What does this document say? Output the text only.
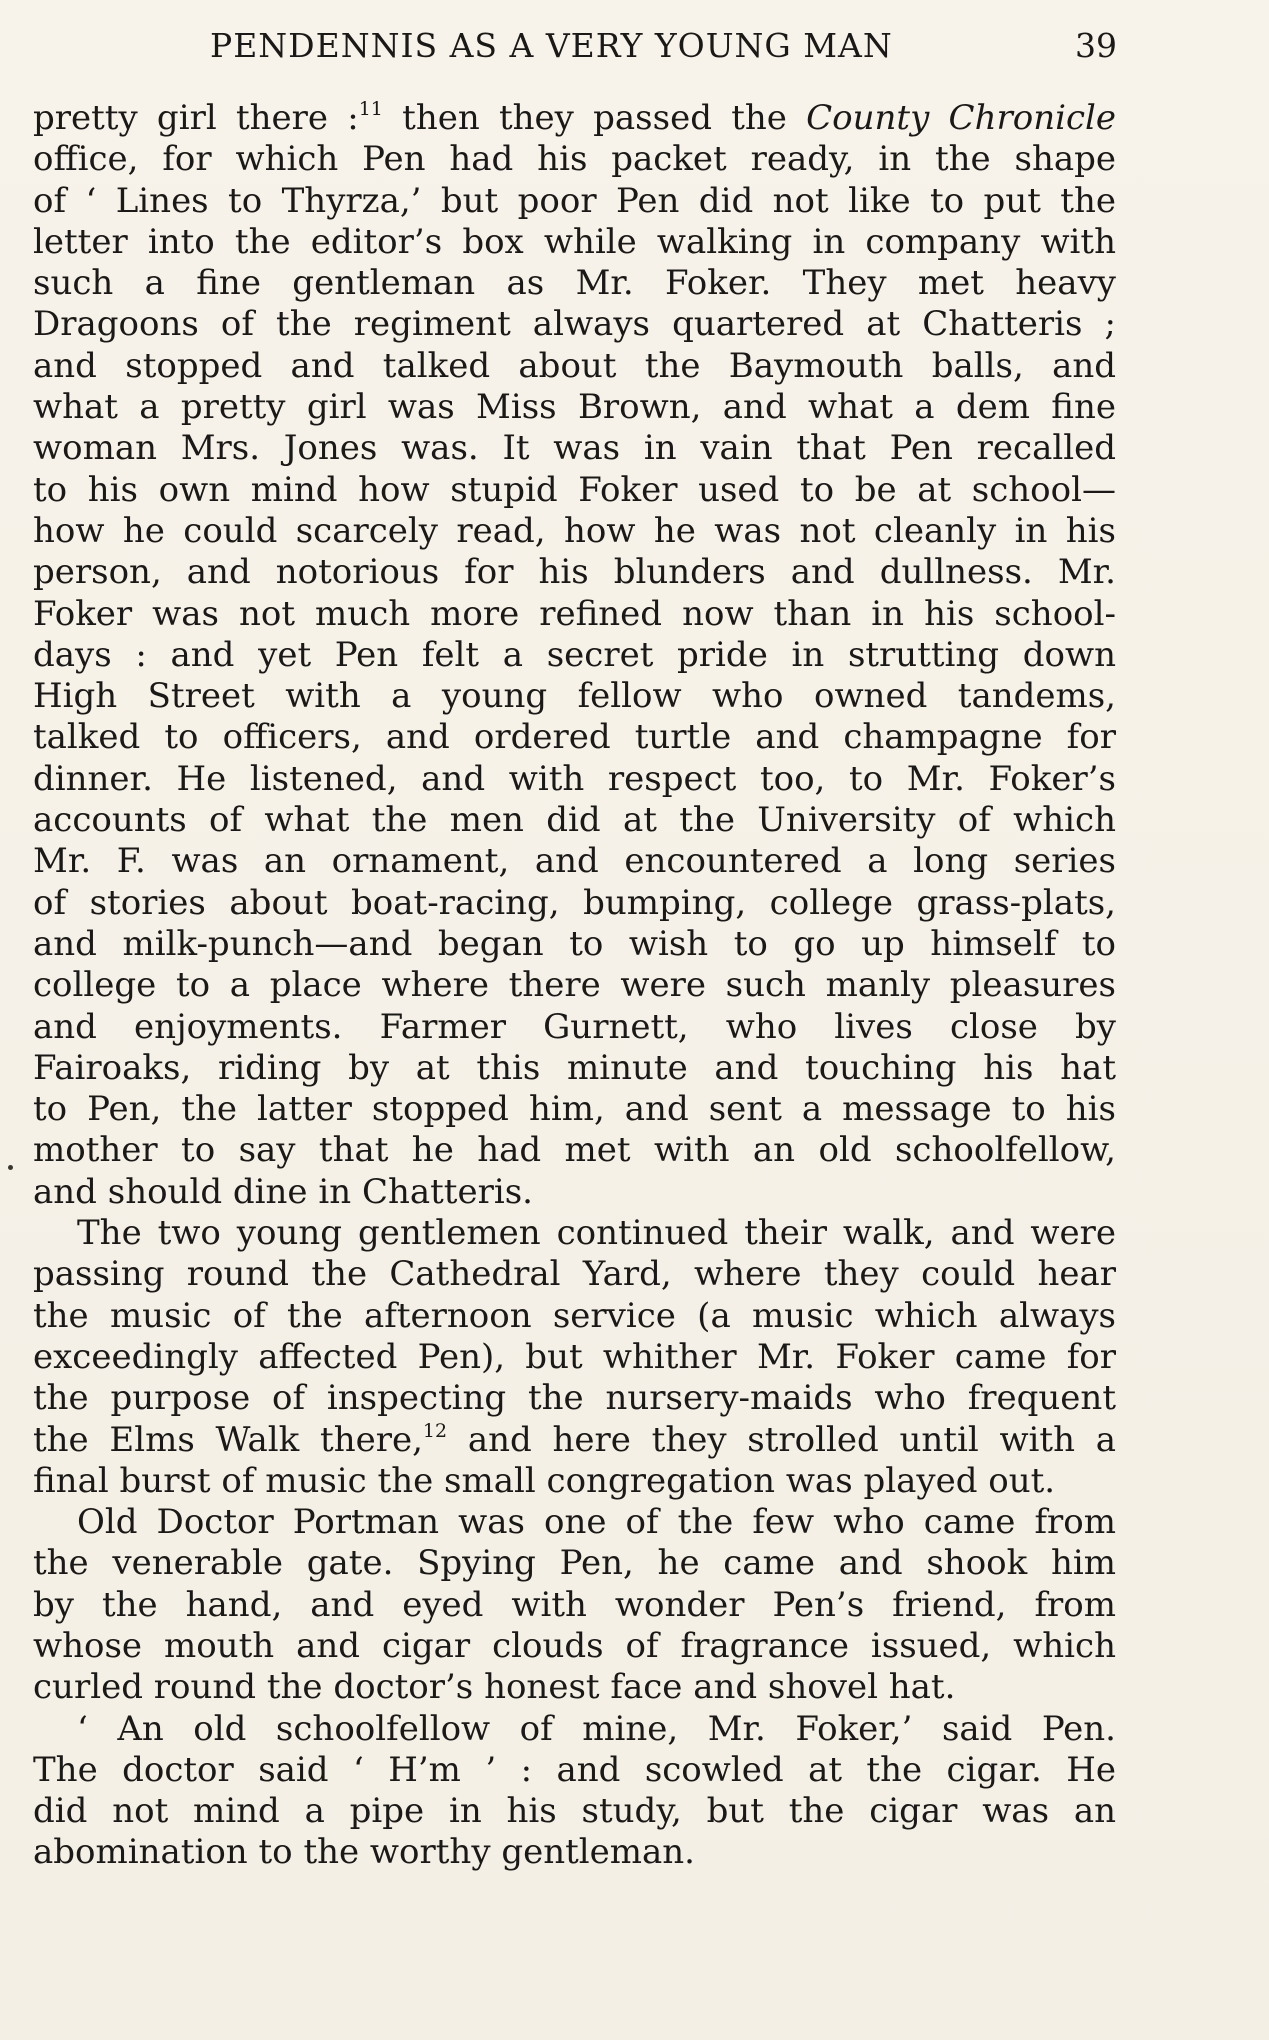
PENDENNIS AS A VERY YOUNG MAN	39
pretty girl there :$^{11}$ then they passed the County Chronicle
office, for which Pen had his packet ready, in the shape
of ‘ Lines to Thyrza,’ but poor Pen did not like to put the
letter into the editor’s box while walking in company with
such a fine gentleman as Mr. Foker. They met heavy
Dragoons of the regiment always quartered at Chatteris ;
and stopped and talked about the Baymouth balls, and
what a pretty girl was Miss Brown, and what a dem fine
woman Mrs. Jones was. It was in vain that Pen recalled
to his own mind how stupid Foker used to be at school—
how he could scarcely read, how he was not cleanly in his
person, and notorious for his blunders and dullness. Mr.
Foker was not much more refined now than in his school-
days : and yet Pen felt a secret pride in strutting down
High Street with a young fellow who owned tandems,
talked to officers, and ordered turtle and champagne for
dinner. He listened, and with respect too, to Mr. Foker’s
accounts of what the men did at the University of which
Mr. F. was an ornament, and encountered a long series
of stories about boat-racing, bumping, college grass-plats,
and milk-punch—and began to wish to go up himself to
college to a place where there were such manly pleasures
and enjoyments. Farmer Gurnett, who lives close by
Fairoaks, riding by at this minute and touching his hat
to Pen, the latter stopped him, and sent a message to his
mother to say that he had met with an old schoolfellow,
and should dine in Chatteris.
The two young gentlemen continued their walk, and were
passing round the Cathedral Yard, where they could hear
the music of the afternoon service (a music which always
exceedingly affected Pen), but whither Mr. Foker came for
the purpose of inspecting the nursery-maids who frequent
the Elms Walk there,$^{12}$ and here they strolled until with a
final burst of music the small congregation was played out.
Old Doctor Portman was one of the few who came from
the venerable gate. Spying Pen, he came and shook him
by the hand, and eyed with wonder Pen’s friend, from
whose mouth and cigar clouds of fragrance issued, which
curled round the doctor’s honest face and shovel hat.
‘ An old schoolfellow of mine, Mr. Foker,’ said Pen.
The doctor said ‘ H’m ’ : and scowled at the cigar. He
did not mind a pipe in his study, but the cigar was an
abomination to the worthy gentleman.
